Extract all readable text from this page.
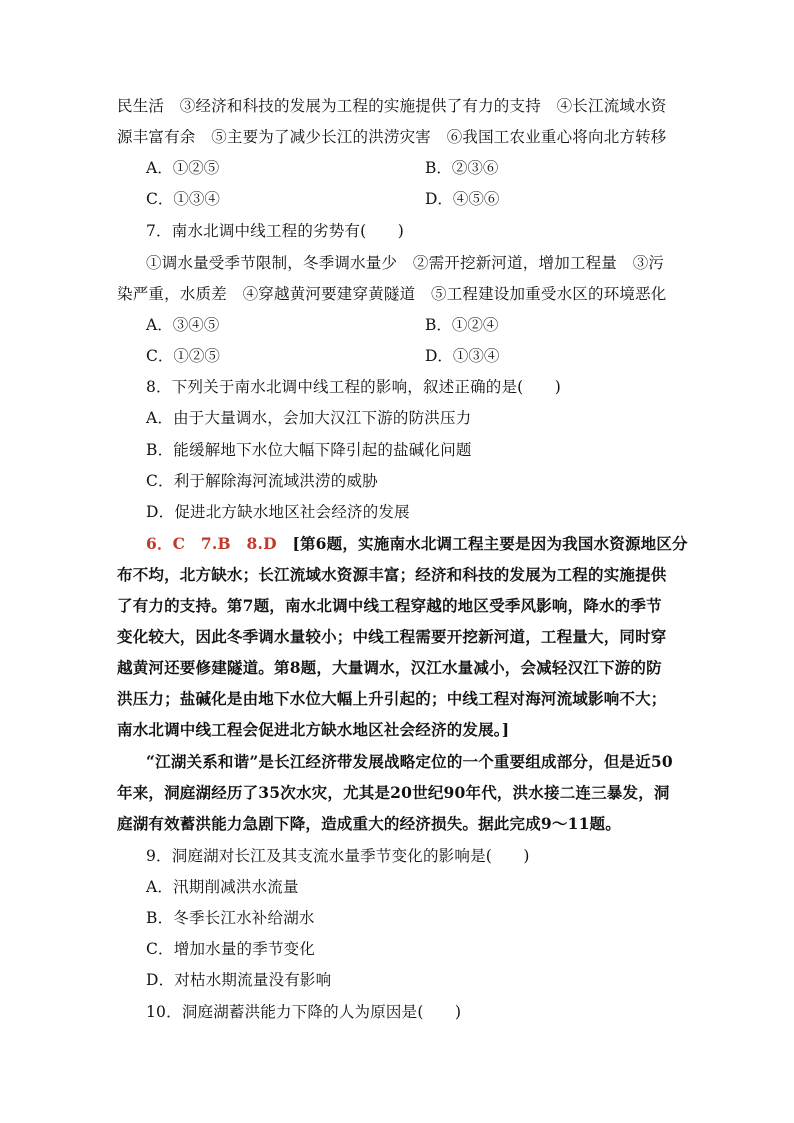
民生活　③经济和科技的发展为工程的实施提供了有力的支持　④长江流域水资
源丰富有余　⑤主要为了减少长江的洪涝灾害　⑥我国工农业重心将向北方转移
A．①②⑤	B．②③⑥
C．①③④	D．④⑤⑥
7．南水北调中线工程的劣势有(　　)
①调水量受季节限制，冬季调水量少　②需开挖新河道，增加工程量　③污
染严重，水质差　④穿越黄河要建穿黄隧道　⑤工程建设加重受水区的环境恶化
A．③④⑤	B．①②④
C．①②⑤	D．①③④
8．下列关于南水北调中线工程的影响，叙述正确的是(　　)
A．由于大量调水，会加大汉江下游的防洪压力
B．能缓解地下水位大幅下降引起的盐碱化问题
C．利于解除海河流域洪涝的威胁
D．促进北方缺水地区社会经济的发展
6．C　7.B　8.D　 [第6题，实施南水北调工程主要是因为我国水资源地区分
布不均，北方缺水；长江流域水资源丰富；经济和科技的发展为工程的实施提供
了有力的支持。第7题，南水北调中线工程穿越的地区受季风影响，降水的季节
变化较大，因此冬季调水量较小；中线工程需要开挖新河道，工程量大，同时穿
越黄河还要修建隧道。第8题，大量调水，汉江水量减小，会减轻汉江下游的防
洪压力；盐碱化是由地下水位大幅上升引起的；中线工程对海河流域影响不大；
南水北调中线工程会促进北方缺水地区社会经济的发展。]
“江湖关系和谐”是长江经济带发展战略定位的一个重要组成部分，但是近50
年来，洞庭湖经历了35次水灾，尤其是20世纪90年代，洪水接二连三暴发，洞
庭湖有效蓄洪能力急剧下降，造成重大的经济损失。据此完成9～11题。
9．洞庭湖对长江及其支流水量季节变化的影响是(　　)
A．汛期削减洪水流量
B．冬季长江水补给湖水
C．增加水量的季节变化
D．对枯水期流量没有影响
10．洞庭湖蓄洪能力下降的人为原因是(　　)
